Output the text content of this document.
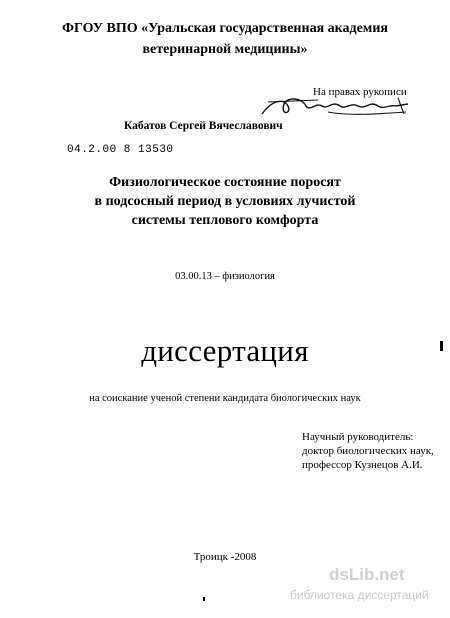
ФГОУ ВПО «Уральская государственная академия
ветеринарной медицины»
На правах рукописи
Кабатов Сергей Вячеславович
04.2.00 8 13530
Физиологическое состояние поросят
в подсосный период в условиях лучистой
системы теплового комфорта
03.00.13 – физиология
диссертация
на соискание ученой степени кандидата биологических наук
Научный руководитель:
доктор биологических наук,
профессор Кузнецов А.И.
Троицк -2008
dsLib.net
библиотека диссертаций
